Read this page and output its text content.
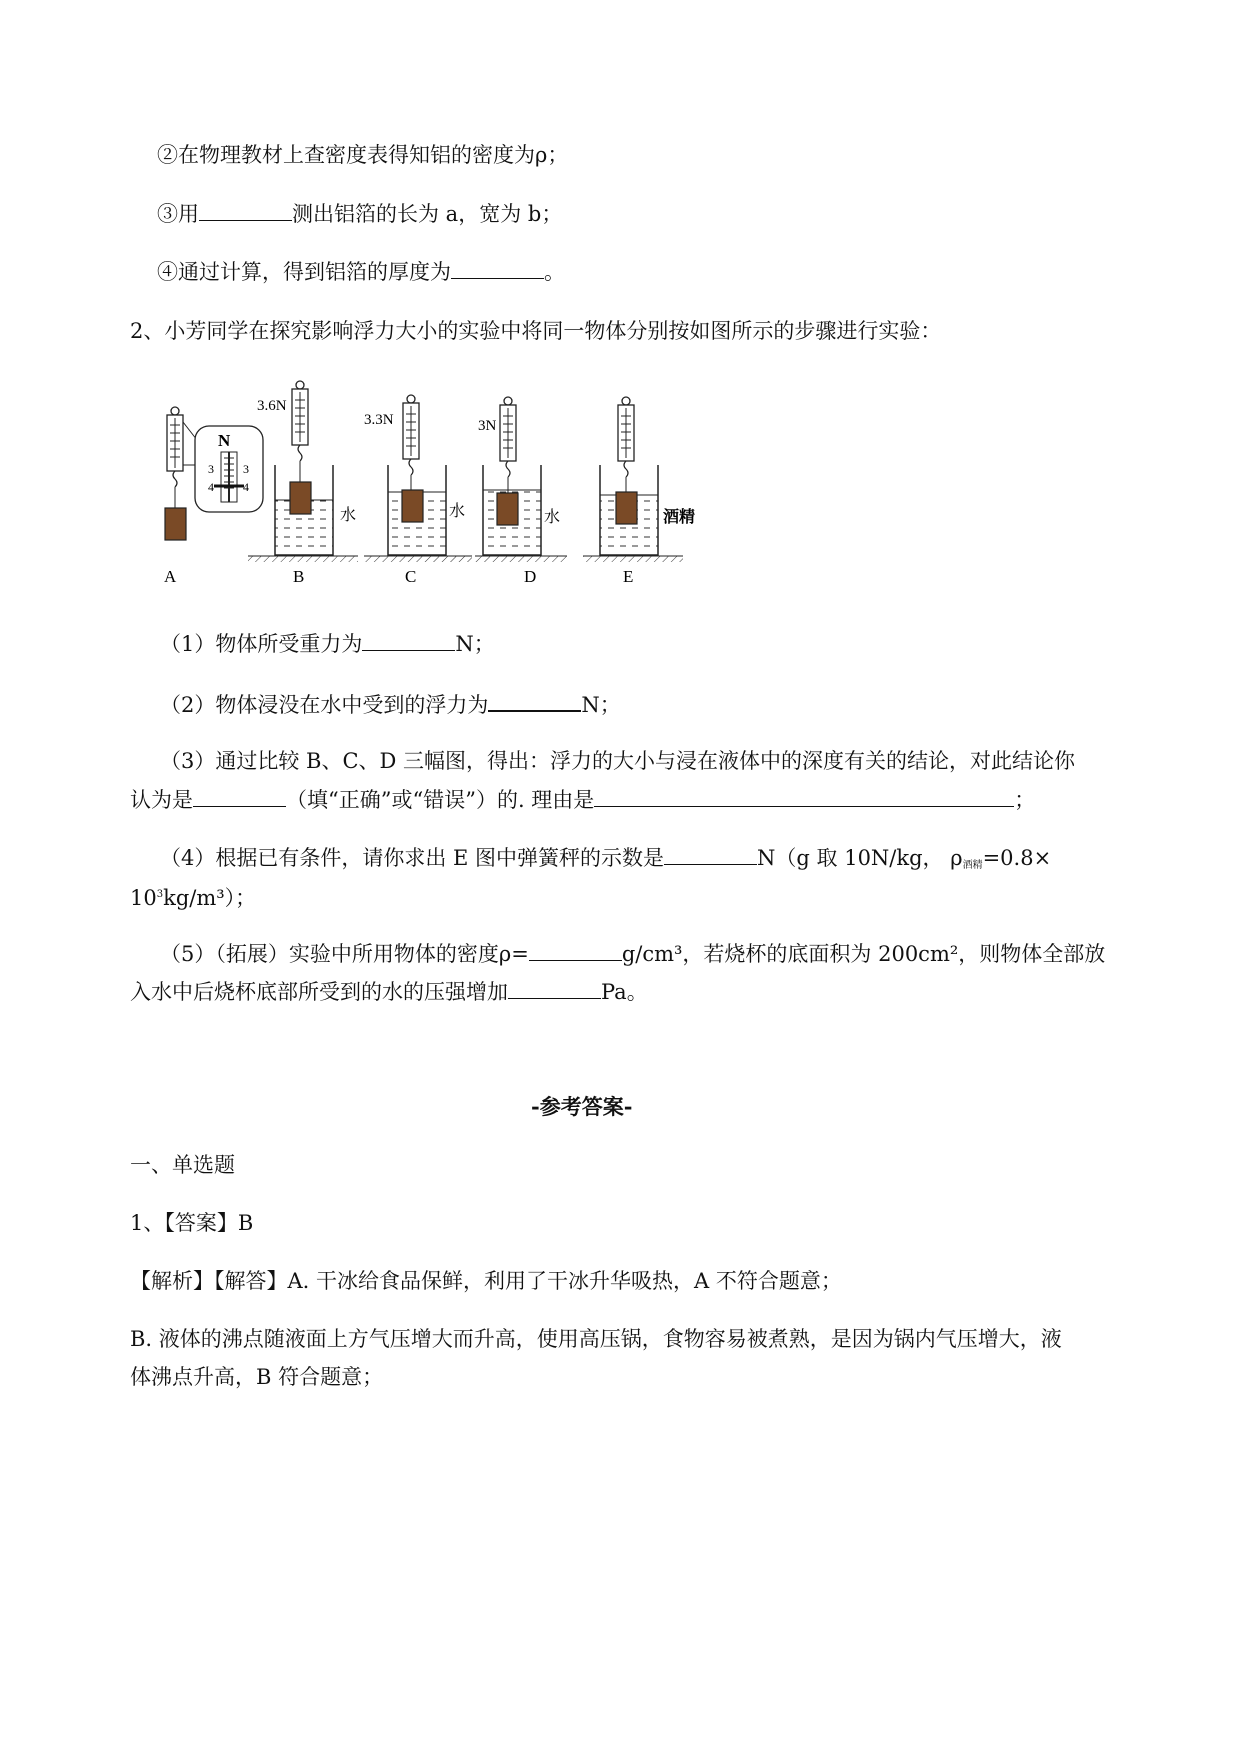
②在物理教材上查密度表得知铝的密度为ρ；
③用	测出铝箔的长为 a，宽为 b；
④通过计算，得到铝箔的厚度为	。
2、小芳同学在探究影响浮力大小的实验中将同一物体分别按如图所示的步骤进行实验：
N
3
4
3
4
A
3.6N
水
B
3.3N
水
C
3N
水
D
酒精
E
（1）物体所受重力为	N；
（2）物体浸没在水中受到的浮力为	N；
（3）通过比较 B、C、D 三幅图，得出：浮力的大小与浸在液体中的深度有关的结论，对此结论你
认为是	（填“正确”或“错误”）的. 理由是	；
（4）根据已有条件，请你求出 E 图中弹簧秤的示数是	N（g 取 10N/kg， $\rho_{酒精}=0.8\times$
$10^3kg/m^3$）；
（5）（拓展）实验中所用物体的密度ρ=	g/cm³，若烧杯的底面积为 200cm²，则物体全部放
入水中后烧杯底部所受到的水的压强增加	Pa。
-参考答案-
一、单选题
1、【答案】B
【解析】【解答】A. 干冰给食品保鲜，利用了干冰升华吸热，A 不符合题意；
B. 液体的沸点随液面上方气压增大而升高，使用高压锅，食物容易被煮熟，是因为锅内气压增大，液
体沸点升高，B 符合题意；
